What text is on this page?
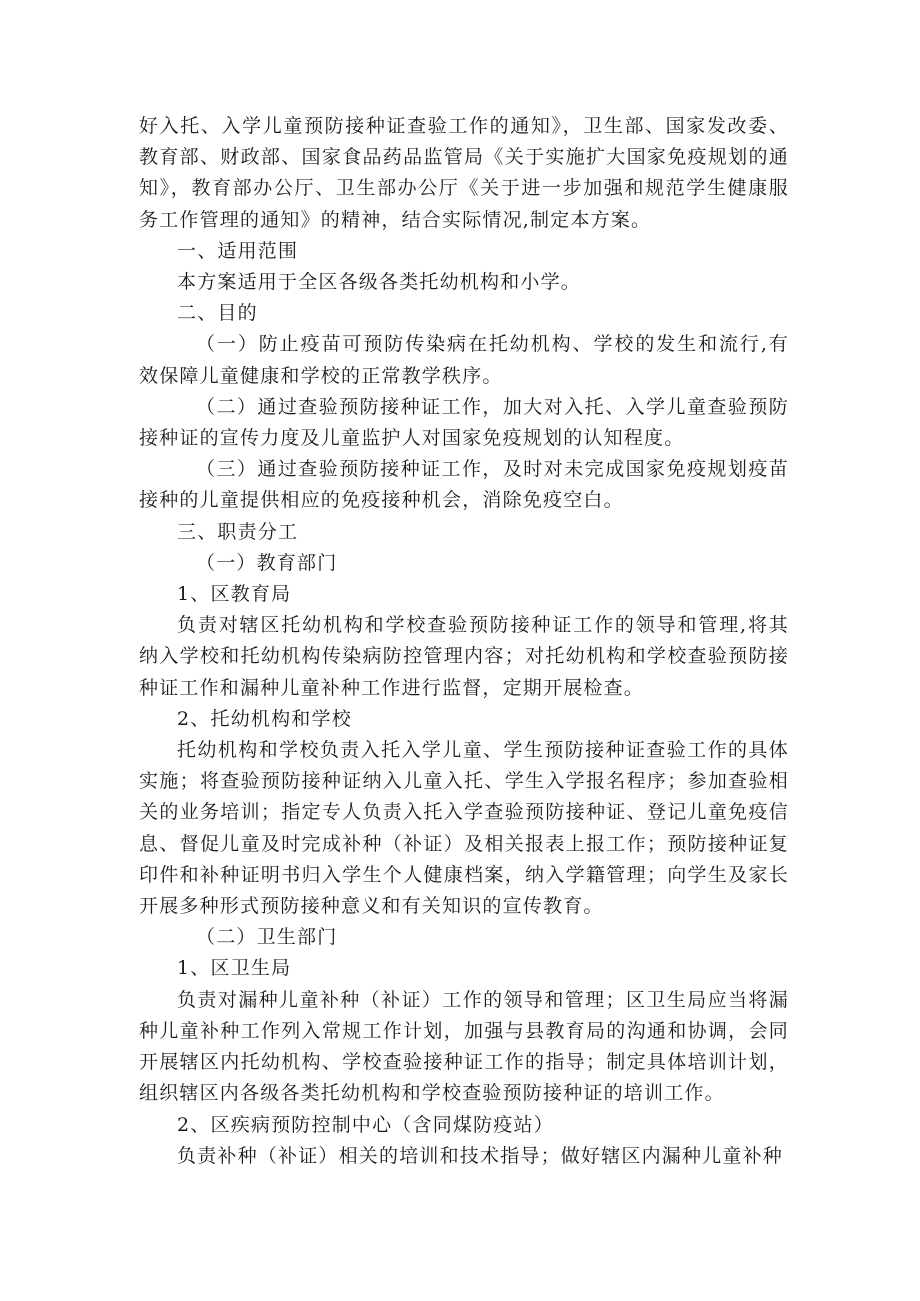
好入托、入学儿童预防接种证查验工作的通知》，卫生部、国家发改委、教育部、财政部、国家食品药品监管局《关于实施扩大国家免疫规划的通知》，教育部办公厅、卫生部办公厅《关于进一步加强和规范学生健康服务工作管理的通知》的精神，结合实际情况,制定本方案。

一、适用范围

本方案适用于全区各级各类托幼机构和小学。

二、目的

（一）防止疫苗可预防传染病在托幼机构、学校的发生和流行,有效保障儿童健康和学校的正常教学秩序。

（二）通过查验预防接种证工作，加大对入托、入学儿童查验预防接种证的宣传力度及儿童监护人对国家免疫规划的认知程度。

（三）通过查验预防接种证工作，及时对未完成国家免疫规划疫苗接种的儿童提供相应的免疫接种机会，消除免疫空白。

三、职责分工

（一）教育部门

1、区教育局

负责对辖区托幼机构和学校查验预防接种证工作的领导和管理,将其纳入学校和托幼机构传染病防控管理内容；对托幼机构和学校查验预防接种证工作和漏种儿童补种工作进行监督，定期开展检查。

2、托幼机构和学校

托幼机构和学校负责入托入学儿童、学生预防接种证查验工作的具体实施；将查验预防接种证纳入儿童入托、学生入学报名程序；参加查验相关的业务培训；指定专人负责入托入学查验预防接种证、登记儿童免疫信息、督促儿童及时完成补种（补证）及相关报表上报工作；预防接种证复印件和补种证明书归入学生个人健康档案，纳入学籍管理；向学生及家长开展多种形式预防接种意义和有关知识的宣传教育。

（二）卫生部门

1、区卫生局

负责对漏种儿童补种（补证）工作的领导和管理；区卫生局应当将漏种儿童补种工作列入常规工作计划，加强与县教育局的沟通和协调，会同开展辖区内托幼机构、学校查验接种证工作的指导；制定具体培训计划，组织辖区内各级各类托幼机构和学校查验预防接种证的培训工作。

2、区疾病预防控制中心（含同煤防疫站）

负责补种（补证）相关的培训和技术指导；做好辖区内漏种儿童补种
